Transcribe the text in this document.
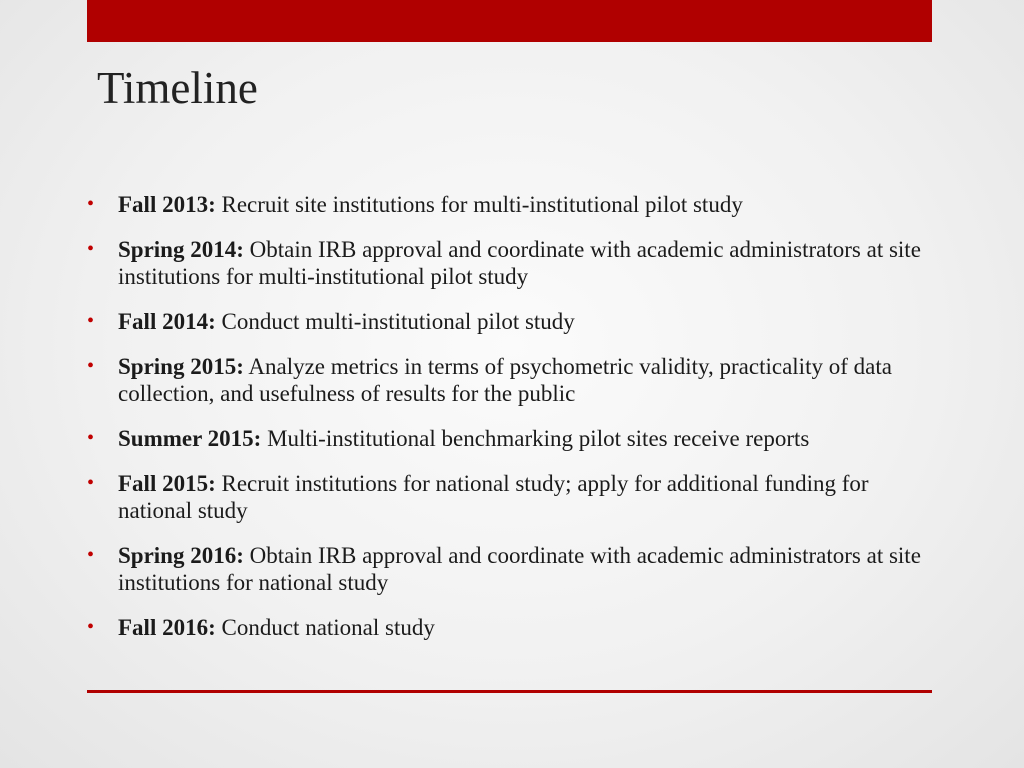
Timeline
• Fall 2013: Recruit site institutions for multi-institutional pilot study
• Spring 2014: Obtain IRB approval and coordinate with academic administrators at site institutions for multi-institutional pilot study
• Fall 2014: Conduct multi-institutional pilot study
• Spring 2015: Analyze metrics in terms of psychometric validity, practicality of data collection, and usefulness of results for the public
• Summer 2015: Multi-institutional benchmarking pilot sites receive reports
• Fall 2015: Recruit institutions for national study; apply for additional funding for national study
• Spring 2016: Obtain IRB approval and coordinate with academic administrators at site institutions for national study
• Fall 2016: Conduct national study
